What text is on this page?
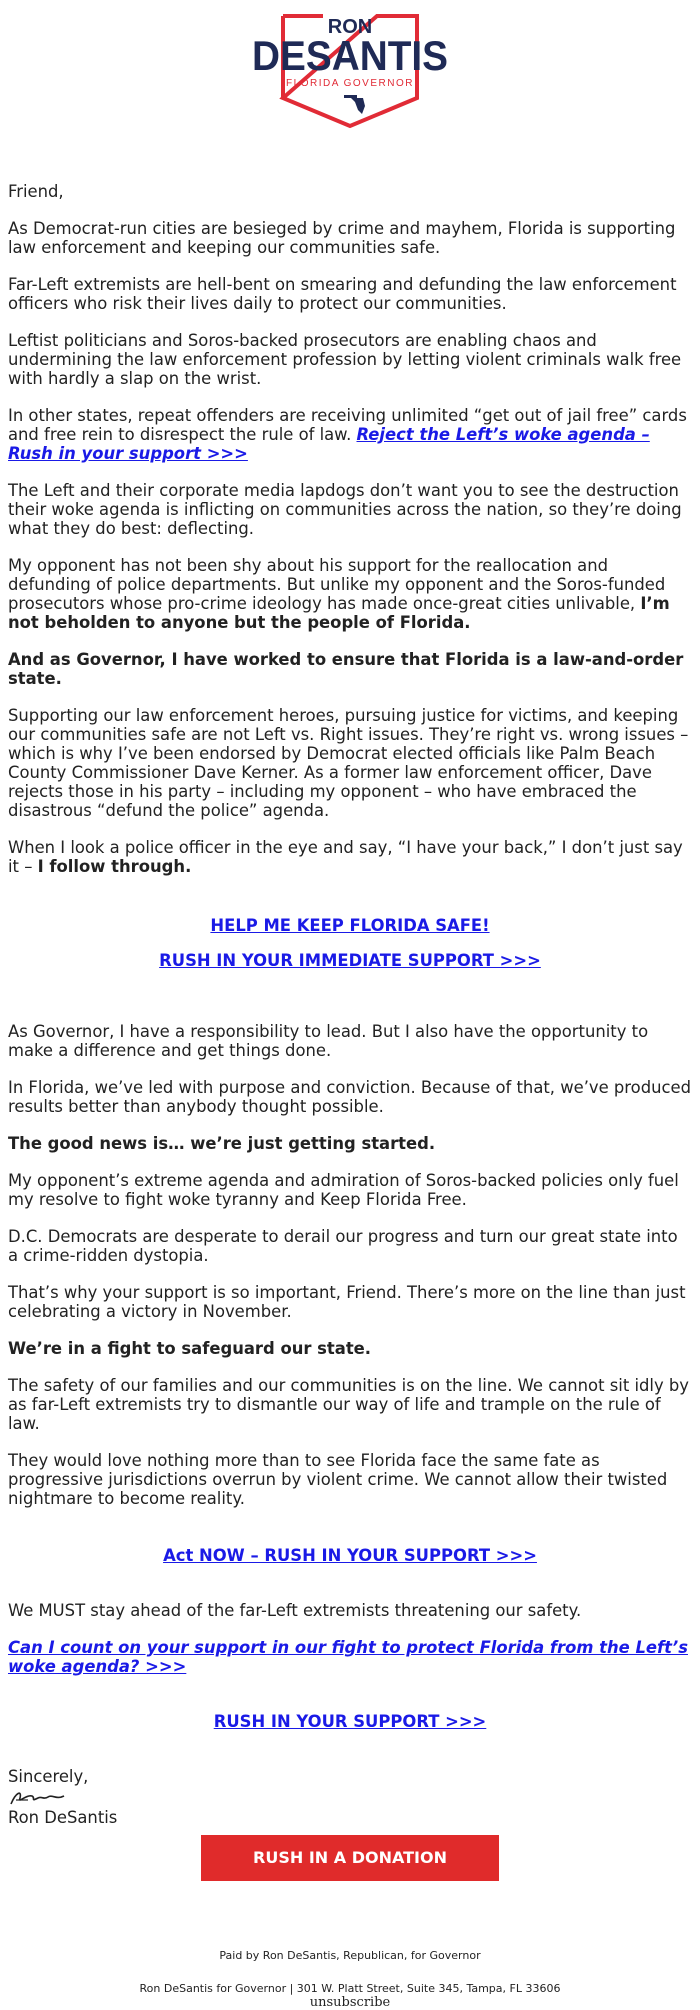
RON
DESANTIS
FLORIDA GOVERNOR

Friend,

As Democrat-run cities are besieged by crime and mayhem, Florida is supporting law enforcement and keeping our communities safe.

Far-Left extremists are hell-bent on smearing and defunding the law enforcement officers who risk their lives daily to protect our communities.

Leftist politicians and Soros-backed prosecutors are enabling chaos and undermining the law enforcement profession by letting violent criminals walk free with hardly a slap on the wrist.

In other states, repeat offenders are receiving unlimited “get out of jail free” cards and free rein to disrespect the rule of law. Reject the Left’s woke agenda – Rush in your support >>>

The Left and their corporate media lapdogs don’t want you to see the destruction their woke agenda is inflicting on communities across the nation, so they’re doing what they do best: deflecting.

My opponent has not been shy about his support for the reallocation and defunding of police departments. But unlike my opponent and the Soros-funded prosecutors whose pro-crime ideology has made once-great cities unlivable, I’m not beholden to anyone but the people of Florida.

And as Governor, I have worked to ensure that Florida is a law-and-order state.

Supporting our law enforcement heroes, pursuing justice for victims, and keeping our communities safe are not Left vs. Right issues. They’re right vs. wrong issues – which is why I’ve been endorsed by Democrat elected officials like Palm Beach County Commissioner Dave Kerner. As a former law enforcement officer, Dave rejects those in his party – including my opponent – who have embraced the disastrous “defund the police” agenda.

When I look a police officer in the eye and say, “I have your back,” I don’t just say it – I follow through.

HELP ME KEEP FLORIDA SAFE!

RUSH IN YOUR IMMEDIATE SUPPORT >>>

As Governor, I have a responsibility to lead. But I also have the opportunity to make a difference and get things done.

In Florida, we’ve led with purpose and conviction. Because of that, we’ve produced results better than anybody thought possible.

The good news is… we’re just getting started.

My opponent’s extreme agenda and admiration of Soros-backed policies only fuel my resolve to fight woke tyranny and Keep Florida Free.

D.C. Democrats are desperate to derail our progress and turn our great state into a crime-ridden dystopia.

That’s why your support is so important, Friend. There’s more on the line than just celebrating a victory in November.

We’re in a fight to safeguard our state.

The safety of our families and our communities is on the line. We cannot sit idly by as far-Left extremists try to dismantle our way of life and trample on the rule of law.

They would love nothing more than to see Florida face the same fate as progressive jurisdictions overrun by violent crime. We cannot allow their twisted nightmare to become reality.

Act NOW – RUSH IN YOUR SUPPORT >>>

We MUST stay ahead of the far-Left extremists threatening our safety.

Can I count on your support in our fight to protect Florida from the Left’s woke agenda? >>>

RUSH IN YOUR SUPPORT >>>

Sincerely,
Ron DeSantis
RUSH IN A DONATION
Paid by Ron DeSantis, Republican, for Governor
Ron DeSantis for Governor | 301 W. Platt Street, Suite 345, Tampa, FL 33606
unsubscribe
